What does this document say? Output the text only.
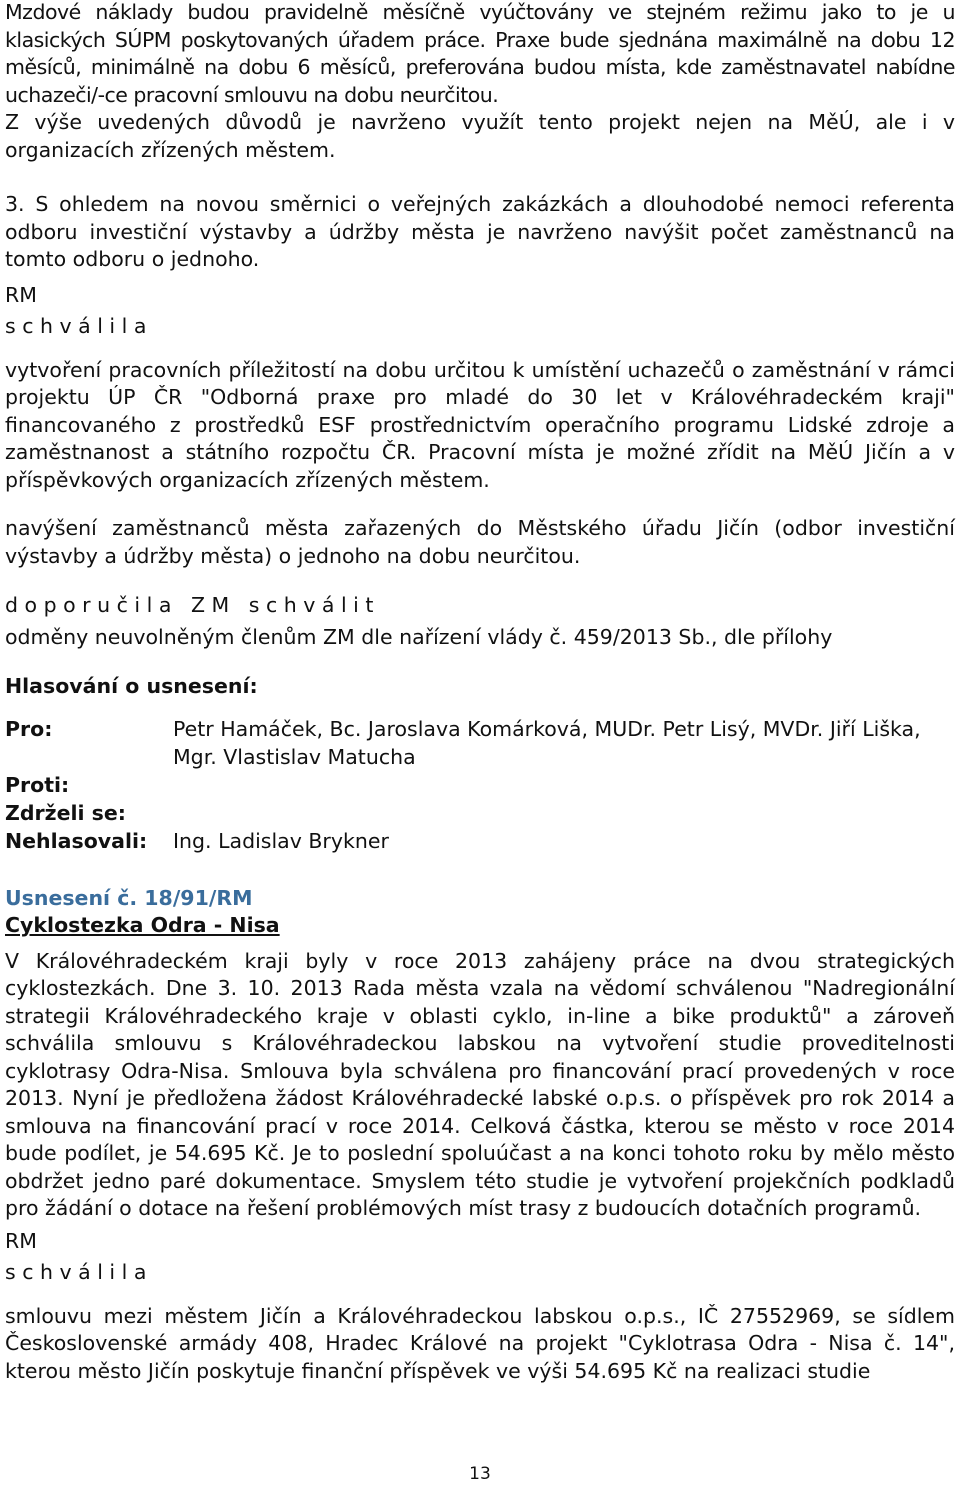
Mzdové náklady budou pravidelně měsíčně vyúčtovány ve stejném režimu jako to je u klasických SÚPM poskytovaných úřadem práce. Praxe bude sjednána maximálně na dobu 12 měsíců, minimálně na dobu 6 měsíců, preferována budou místa, kde zaměstnavatel nabídne uchazeči/-ce pracovní smlouvu na dobu neurčitou.

Z výše uvedených důvodů je navrženo využít tento projekt nejen na MěÚ, ale i v organizacích zřízených městem.

3. S ohledem na novou směrnici o veřejných zakázkách a dlouhodobé nemoci referenta odboru investiční výstavby a údržby města je navrženo navýšit počet zaměstnanců na tomto odboru o jednoho.

RM

s c h v á l i l a

vytvoření pracovních příležitostí na dobu určitou k umístění uchazečů o zaměstnání v rámci projektu ÚP ČR "Odborná praxe pro mladé do 30 let v Královéhradeckém kraji" financovaného z prostředků ESF prostřednictvím operačního programu Lidské zdroje a zaměstnanost a státního rozpočtu ČR. Pracovní místa je možné zřídit na MěÚ Jičín a v příspěvkových organizacích zřízených městem.

navýšení zaměstnanců města zařazených do Městského úřadu Jičín (odbor investiční výstavby a údržby města) o jednoho na dobu neurčitou.

d o p o r u č i l a   Z M   s c h v á l i t

odměny neuvolněným členům ZM dle nařízení vlády č. 459/2013 Sb., dle přílohy

Hlasování o usnesení:

Pro:	Petr Hamáček, Bc. Jaroslava Komárková, MUDr. Petr Lisý, MVDr. Jiří Liška, Mgr. Vlastislav Matucha
Proti:
Zdrželi se:
Nehlasovali:	Ing. Ladislav Brykner

Usnesení č. 18/91/RM

Cyklostezka Odra - Nisa

V Královéhradeckém kraji byly v roce 2013 zahájeny práce na dvou strategických cyklostezkách. Dne 3. 10. 2013 Rada města vzala na vědomí schválenou "Nadregionální strategii Královéhradeckého kraje v oblasti cyklo, in-line a bike produktů" a zároveň schválila smlouvu s Královéhradeckou labskou na vytvoření studie proveditelnosti cyklotrasy Odra-Nisa. Smlouva byla schválena pro financování prací provedených v roce 2013. Nyní je předložena žádost Královéhradecké labské o.p.s. o příspěvek pro rok 2014 a smlouva na financování prací v roce 2014. Celková částka, kterou se město v roce 2014 bude podílet, je 54.695 Kč. Je to poslední spoluúčast a na konci tohoto roku by mělo město obdržet jedno paré dokumentace. Smyslem této studie je vytvoření projekčních podkladů pro žádání o dotace na řešení problémových míst trasy z budoucích dotačních programů.

RM

s c h v á l i l a

smlouvu mezi městem Jičín a Královéhradeckou labskou o.p.s., IČ 27552969, se sídlem Československé armády 408, Hradec Králové na projekt "Cyklotrasa Odra - Nisa č. 14", kterou město Jičín poskytuje finanční příspěvek ve výši 54.695 Kč na realizaci studie

13
